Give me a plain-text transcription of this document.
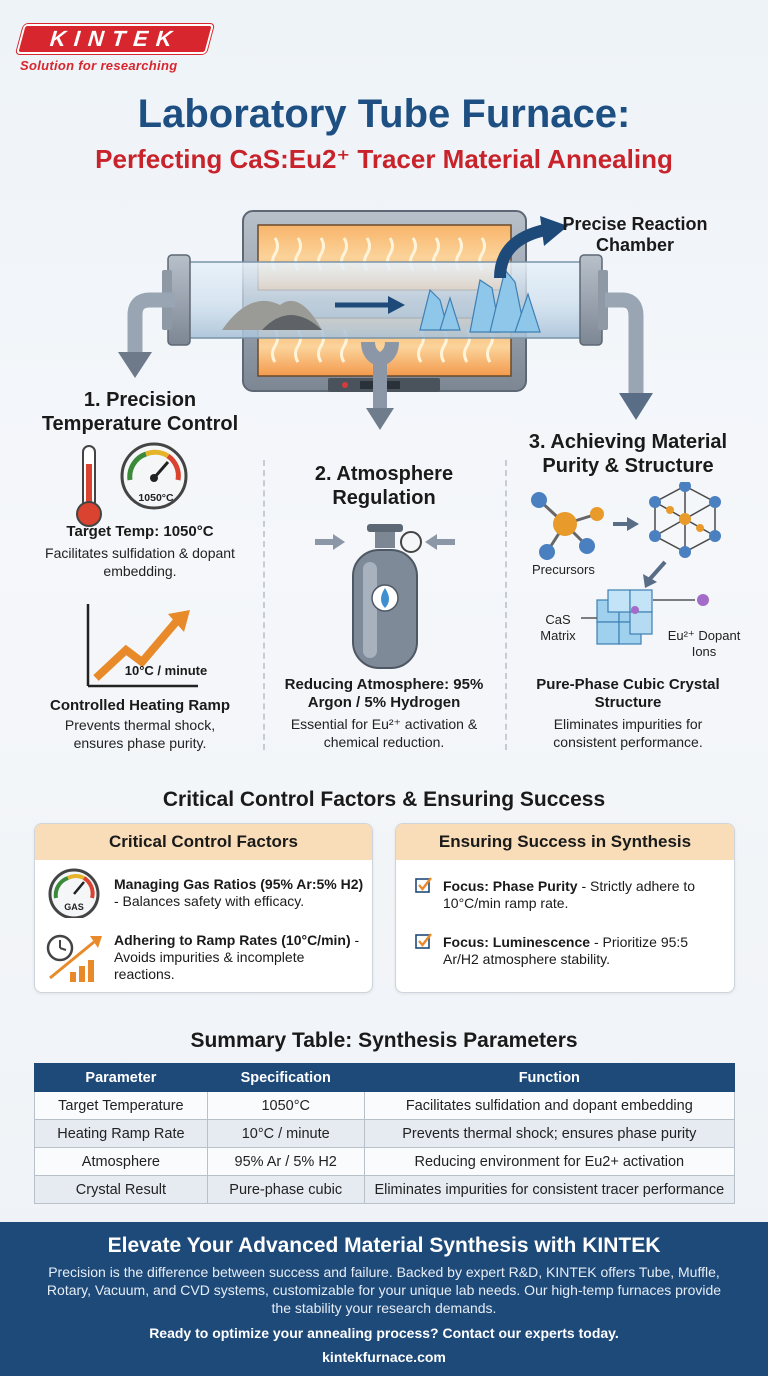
KINTEK
Solution for researching
Laboratory Tube Furnace:
Perfecting CaS:Eu2⁺ Tracer Material Annealing
Precise Reaction Chamber
1. Precision Temperature Control
1050°C
Target Temp: 1050°C
Facilitates sulfidation & dopant embedding.
10°C / minute
Controlled Heating Ramp
Prevents thermal shock, ensures phase purity.
2. Atmosphere Regulation
Reducing Atmosphere: 95% Argon / 5% Hydrogen
Essential for Eu²⁺ activation & chemical reduction.
3. Achieving Material Purity & Structure
Precursors
CaS Matrix	Eu²⁺ Dopant Ions
Pure-Phase Cubic Crystal Structure
Eliminates impurities for consistent performance.
Critical Control Factors & Ensuring Success
Critical Control Factors
GAS
Managing Gas Ratios (95% Ar:5% H2) - Balances safety with efficacy.
Adhering to Ramp Rates (10°C/min) - Avoids impurities & incomplete reactions.
Ensuring Success in Synthesis
Focus: Phase Purity - Strictly adhere to 10°C/min ramp rate.
Focus: Luminescence - Prioritize 95:5 Ar/H2 atmosphere stability.
Summary Table: Synthesis Parameters
Parameter	Specification	Function
Target Temperature	1050°C	Facilitates sulfidation and dopant embedding
Heating Ramp Rate	10°C / minute	Prevents thermal shock; ensures phase purity
Atmosphere	95% Ar / 5% H2	Reducing environment for Eu2+ activation
Crystal Result	Pure-phase cubic	Eliminates impurities for consistent tracer performance
Elevate Your Advanced Material Synthesis with KINTEK
Precision is the difference between success and failure. Backed by expert R&D, KINTEK offers Tube, Muffle, Rotary, Vacuum, and CVD systems, customizable for your unique lab needs. Our high-temp furnaces provide the stability your research demands.
Ready to optimize your annealing process? Contact our experts today.
kintekfurnace.com
